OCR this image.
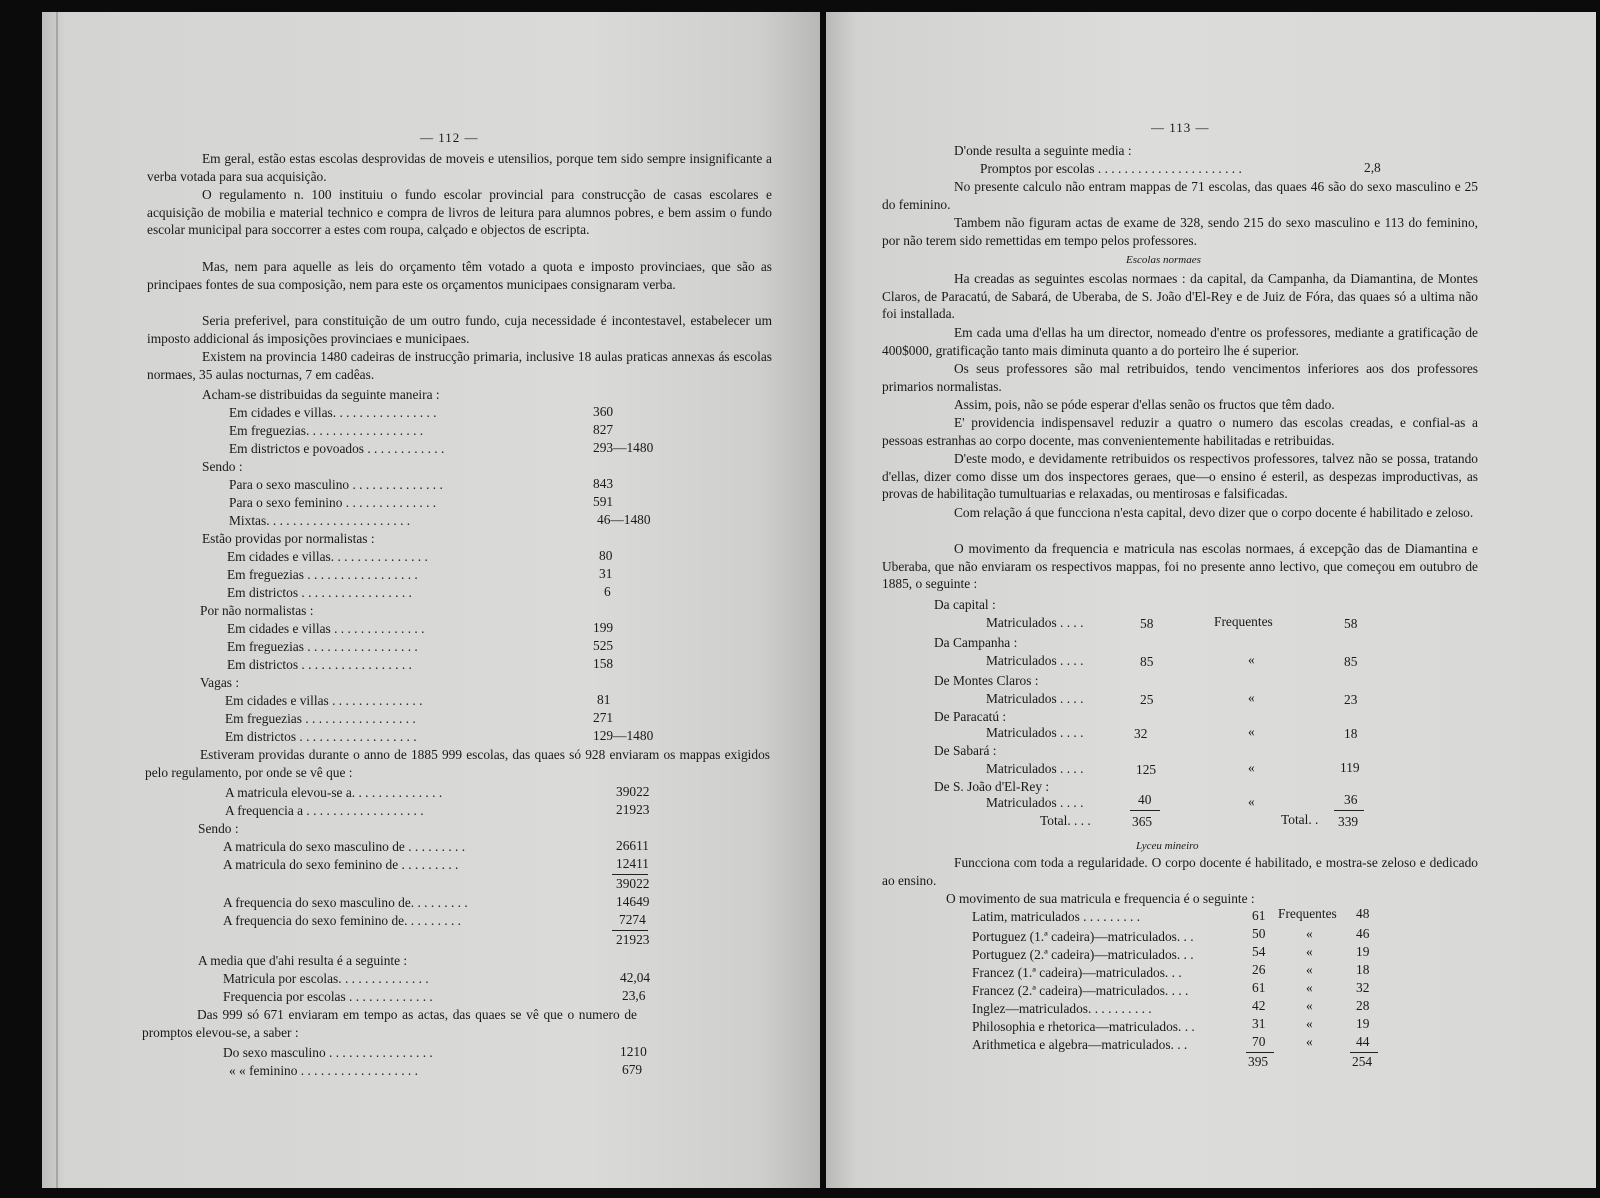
— 112 —
Em geral, estão estas escolas desprovidas de moveis e utensilios, porque tem sido sempre insignificante a verba votada para sua acquisição.
O regulamento n. 100 instituiu o fundo escolar provincial para construcção de casas escolares e acquisição de mobilia e material technico e compra de livros de leitura para alumnos pobres, e bem assim o fundo escolar municipal para soccorrer a estes com roupa, calçado e objectos de escripta.
Mas, nem para aquelle as leis do orçamento têm votado a quota e imposto provinciaes, que são as principaes fontes de sua composição, nem para este os orçamentos municipaes consignaram verba.
Seria preferivel, para constituição de um outro fundo, cuja necessidade é incontestavel, estabelecer um imposto addicional ás imposições provinciaes e municipaes.
Existem na provincia 1480 cadeiras de instrucção primaria, inclusive 18 aulas praticas annexas ás escolas normaes, 35 aulas nocturnas, 7 em cadêas.
Acham-se distribuidas da seguinte maneira :
Em cidades e villas. . . . . . . . . . . . . . . .	360
Em freguezias. . . . . . . . . . . . . . . . . .	827
Em districtos e povoados . . . . . . . . . . . .	293—1480
Sendo :
Para o sexo masculino . . . . . . . . . . . . . .	843
Para o sexo feminino . . . . . . . . . . . . . .	591
Mixtas. . . . . . . . . . . . . . . . . . . . . .	46—1480
Estão providas por normalistas :
Em cidades e villas. . . . . . . . . . . . . . .	80
Em freguezias . . . . . . . . . . . . . . . . .	31
Em districtos . . . . . . . . . . . . . . . . .	6
Por não normalistas :
Em cidades e villas . . . . . . . . . . . . . .	199
Em freguezias . . . . . . . . . . . . . . . . .	525
Em districtos . . . . . . . . . . . . . . . . .	158
Vagas :
Em cidades e villas . . . . . . . . . . . . . .	81
Em freguezias . . . . . . . . . . . . . . . . .	271
Em districtos . . . . . . . . . . . . . . . . . .	129—1480
Estiveram providas durante o anno de 1885 999 escolas, das quaes só 928 enviaram os mappas exigidos pelo regulamento, por onde se vê que :
A matricula elevou-se a. . . . . . . . . . . . . .	39022
A frequencia a . . . . . . . . . . . . . . . . . .	21923
Sendo :
A matricula do sexo masculino de . . . . . . . . .	26611
A matricula do sexo feminino de . . . . . . . . .	12411
39022
A frequencia do sexo masculino de. . . . . . . . .	14649
A frequencia do sexo feminino de. . . . . . . . .	7274
21923
A media que d'ahi resulta é a seguinte :
Matricula por escolas. . . . . . . . . . . . . .	42,04
Frequencia por escolas . . . . . . . . . . . . .	23,6
Das 999 só 671 enviaram em tempo as actas, das quaes se vê que o numero de promptos elevou-se, a saber :
Do sexo masculino . . . . . . . . . . . . . . . .	1210
« « feminino . . . . . . . . . . . . . . . . . .	679
— 113 —
D'onde resulta a seguinte media :
Promptos por escolas . . . . . . . . . . . . . . . . . . . . . .	2,8
No presente calculo não entram mappas de 71 escolas, das quaes 46 são do sexo masculino e 25 do feminino.
Tambem não figuram actas de exame de 328, sendo 215 do sexo masculino e 113 do feminino, por não terem sido remettidas em tempo pelos professores.
Escolas normaes
Ha creadas as seguintes escolas normaes : da capital, da Campanha, da Diamantina, de Montes Claros, de Paracatú, de Sabará, de Uberaba, de S. João d'El-Rey e de Juiz de Fóra, das quaes só a ultima não foi installada.
Em cada uma d'ellas ha um director, nomeado d'entre os professores, mediante a gratificação de 400$000, gratificação tanto mais diminuta quanto a do porteiro lhe é superior.
Os seus professores são mal retribuidos, tendo vencimentos inferiores aos dos professores primarios normalistas.
Assim, pois, não se póde esperar d'ellas senão os fructos que têm dado.
E' providencia indispensavel reduzir a quatro o numero das escolas creadas, e confial-as a pessoas estranhas ao corpo docente, mas convenientemente habilitadas e retribuidas.
D'este modo, e devidamente retribuidos os respectivos professores, talvez não se possa, tratando d'ellas, dizer como disse um dos inspectores geraes, que—o ensino é esteril, as despezas improductivas, as provas de habilitação tumultuarias e relaxadas, ou mentirosas e falsificadas.
Com relação á que funcciona n'esta capital, devo dizer que o corpo docente é habilitado e zeloso.
O movimento da frequencia e matricula nas escolas normaes, á excepção das de Diamantina e Uberaba, que não enviaram os respectivos mappas, foi no presente anno lectivo, que começou em outubro de 1885, o seguinte :
Da capital :
Matriculados . . . .	58	Frequentes	58
Da Campanha :
Matriculados . . . .	85	«	85
De Montes Claros :
Matriculados . . . .	25	«	23
De Paracatú :
Matriculados . . . .	32	«	18
De Sabará :
Matriculados . . . .	125	«	119
De S. João d'El-Rey :
Matriculados . . . .	40	«	36
Total. . . .	365	Total. . 339
Lyceu mineiro
Funcciona com toda a regularidade. O corpo docente é habilitado, e mostra-se zeloso e dedicado ao ensino.
O movimento de sua matricula e frequencia é o seguinte :
Latim, matriculados . . . . . . . . .	61 Frequentes 48
Portuguez (1.ª cadeira)—matriculados. . .	50	«	46
Portuguez (2.ª cadeira)—matriculados. . .	54	«	19
Francez (1.ª cadeira)—matriculados. . .	26	«	18
Francez (2.ª cadeira)—matriculados. . . .	61	«	32
Inglez—matriculados. . . . . . . . . .	42	«	28
Philosophia e rhetorica—matriculados. . .	31	«	19
Arithmetica e algebra—matriculados. . .	70	«	44
395	254
